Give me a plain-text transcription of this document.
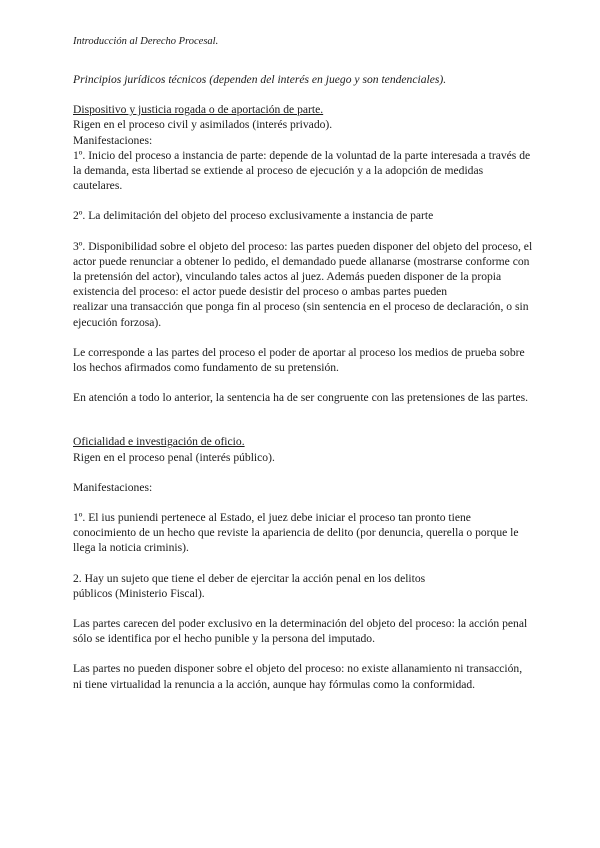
Introducción al Derecho Procesal.

Principios jurídicos técnicos (dependen del interés en juego y son tendenciales).

Dispositivo y justicia rogada o de aportación de parte.

Rigen en el proceso civil y asimilados (interés privado).

Manifestaciones:

1º. Inicio del proceso a instancia de parte: depende de la voluntad de la parte interesada a través de la demanda, esta libertad se extiende al proceso de ejecución y a la adopción de medidas cautelares.

2º. La delimitación del objeto del proceso exclusivamente a instancia de parte

3º. Disponibilidad sobre el objeto del proceso: las partes pueden disponer del objeto del proceso, el actor puede renunciar a obtener lo pedido, el demandado puede allanarse (mostrarse conforme con la pretensión del actor), vinculando tales actos al juez. Además pueden disponer de la propia existencia del proceso: el actor puede desistir del proceso o ambas partes pueden

realizar una transacción que ponga fin al proceso (sin sentencia en el proceso de declaración, o sin ejecución forzosa).

Le corresponde a las partes del proceso el poder de aportar al proceso los medios de prueba sobre los hechos afirmados como fundamento de su pretensión.

En atención a todo lo anterior, la sentencia ha de ser congruente con las pretensiones de las partes.

Oficialidad e investigación de oficio.

Rigen en el proceso penal (interés público).

Manifestaciones:

1º. El ius puniendi pertenece al Estado, el juez debe iniciar el proceso tan pronto tiene conocimiento de un hecho que reviste la apariencia de delito (por denuncia, querella o porque le llega la noticia criminis).

2. Hay un sujeto que tiene el deber de ejercitar la acción penal en los delitos

públicos (Ministerio Fiscal).

Las partes carecen del poder exclusivo en la determinación del objeto del proceso: la acción penal sólo se identifica por el hecho punible y la persona del imputado.

Las partes no pueden disponer sobre el objeto del proceso: no existe allanamiento ni transacción, ni tiene virtualidad la renuncia a la acción, aunque hay fórmulas como la conformidad.
